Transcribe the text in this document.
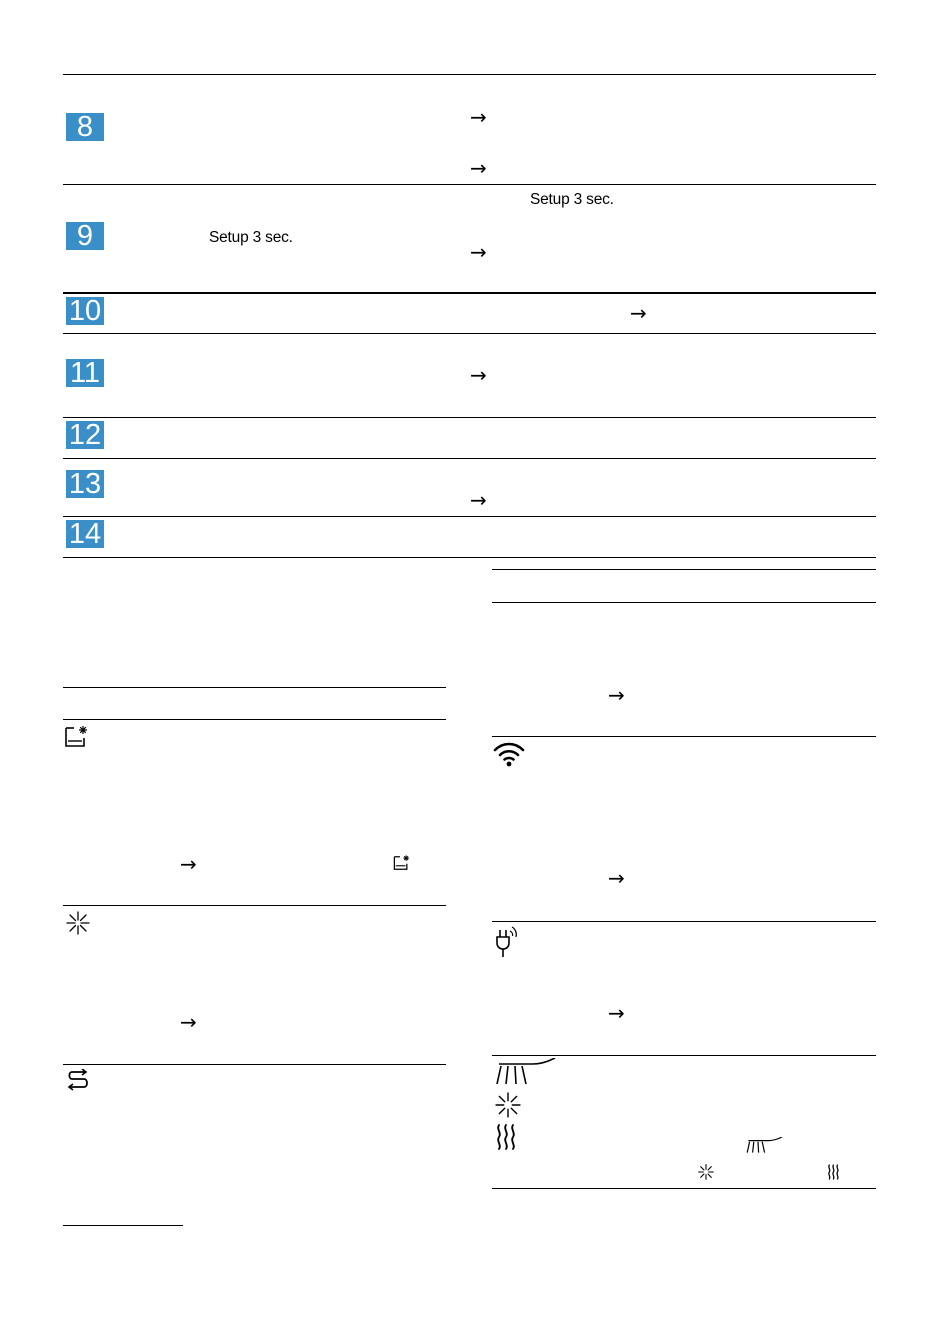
8
9
10
11
12
13
14
Setup 3 sec.
Setup 3 sec.
→
→
→
→
→
→
→
→
→
→
→
